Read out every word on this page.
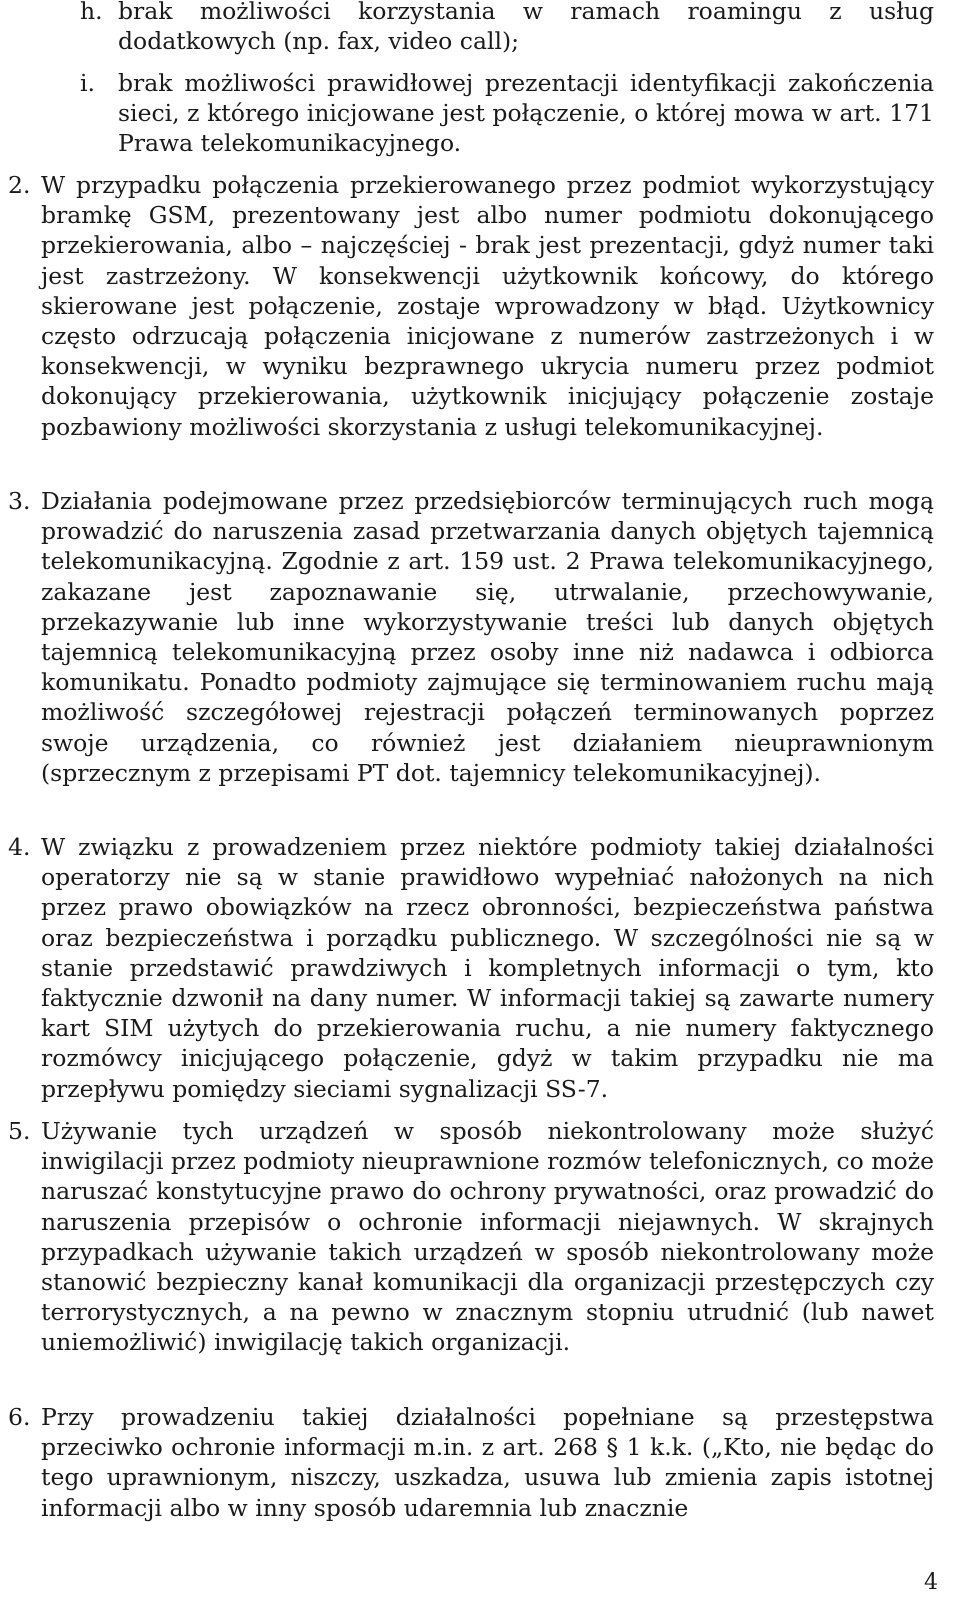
h. brak możliwości korzystania w ramach roamingu z usług dodatkowych (np. fax, video call);
i. brak możliwości prawidłowej prezentacji identyfikacji zakończenia sieci, z którego inicjowane jest połączenie, o której mowa w art. 171 Prawa telekomunikacyjnego.
2. W przypadku połączenia przekierowanego przez podmiot wykorzystujący bramkę GSM, prezentowany jest albo numer podmiotu dokonującego przekierowania, albo – najczęściej - brak jest prezentacji, gdyż numer taki jest zastrzeżony. W konsekwencji użytkownik końcowy, do którego skierowane jest połączenie, zostaje wprowadzony w błąd. Użytkownicy często odrzucają połączenia inicjowane z numerów zastrzeżonych i w konsekwencji, w wyniku bezprawnego ukrycia numeru przez podmiot dokonujący przekierowania, użytkownik inicjujący połączenie zostaje pozbawiony możliwości skorzystania z usługi telekomunikacyjnej.
3. Działania podejmowane przez przedsiębiorców terminujących ruch mogą prowadzić do naruszenia zasad przetwarzania danych objętych tajemnicą telekomunikacyjną. Zgodnie z art. 159 ust. 2 Prawa telekomunikacyjnego, zakazane jest zapoznawanie się, utrwalanie, przechowywanie, przekazywanie lub inne wykorzystywanie treści lub danych objętych tajemnicą telekomunikacyjną przez osoby inne niż nadawca i odbiorca komunikatu. Ponadto podmioty zajmujące się terminowaniem ruchu mają możliwość szczegółowej rejestracji połączeń terminowanych poprzez swoje urządzenia, co również jest działaniem nieuprawnionym (sprzecznym z przepisami PT dot. tajemnicy telekomunikacyjnej).
4. W związku z prowadzeniem przez niektóre podmioty takiej działalności operatorzy nie są w stanie prawidłowo wypełniać nałożonych na nich przez prawo obowiązków na rzecz obronności, bezpieczeństwa państwa oraz bezpieczeństwa i porządku publicznego. W szczególności nie są w stanie przedstawić prawdziwych i kompletnych informacji o tym, kto faktycznie dzwonił na dany numer. W informacji takiej są zawarte numery kart SIM użytych do przekierowania ruchu, a nie numery faktycznego rozmówcy inicjującego połączenie, gdyż w takim przypadku nie ma przepływu pomiędzy sieciami sygnalizacji SS-7.
5. Używanie tych urządzeń w sposób niekontrolowany może służyć inwigilacji przez podmioty nieuprawnione rozmów telefonicznych, co może naruszać konstytucyjne prawo do ochrony prywatności, oraz prowadzić do naruszenia przepisów o ochronie informacji niejawnych. W skrajnych przypadkach używanie takich urządzeń w sposób niekontrolowany może stanowić bezpieczny kanał komunikacji dla organizacji przestępczych czy terrorystycznych, a na pewno w znacznym stopniu utrudnić (lub nawet uniemożliwić) inwigilację takich organizacji.
6. Przy prowadzeniu takiej działalności popełniane są przestępstwa przeciwko ochronie informacji m.in. z art. 268 § 1 k.k. („Kto, nie będąc do tego uprawnionym, niszczy, uszkadza, usuwa lub zmienia zapis istotnej informacji albo w inny sposób udaremnia lub znacznie
4
